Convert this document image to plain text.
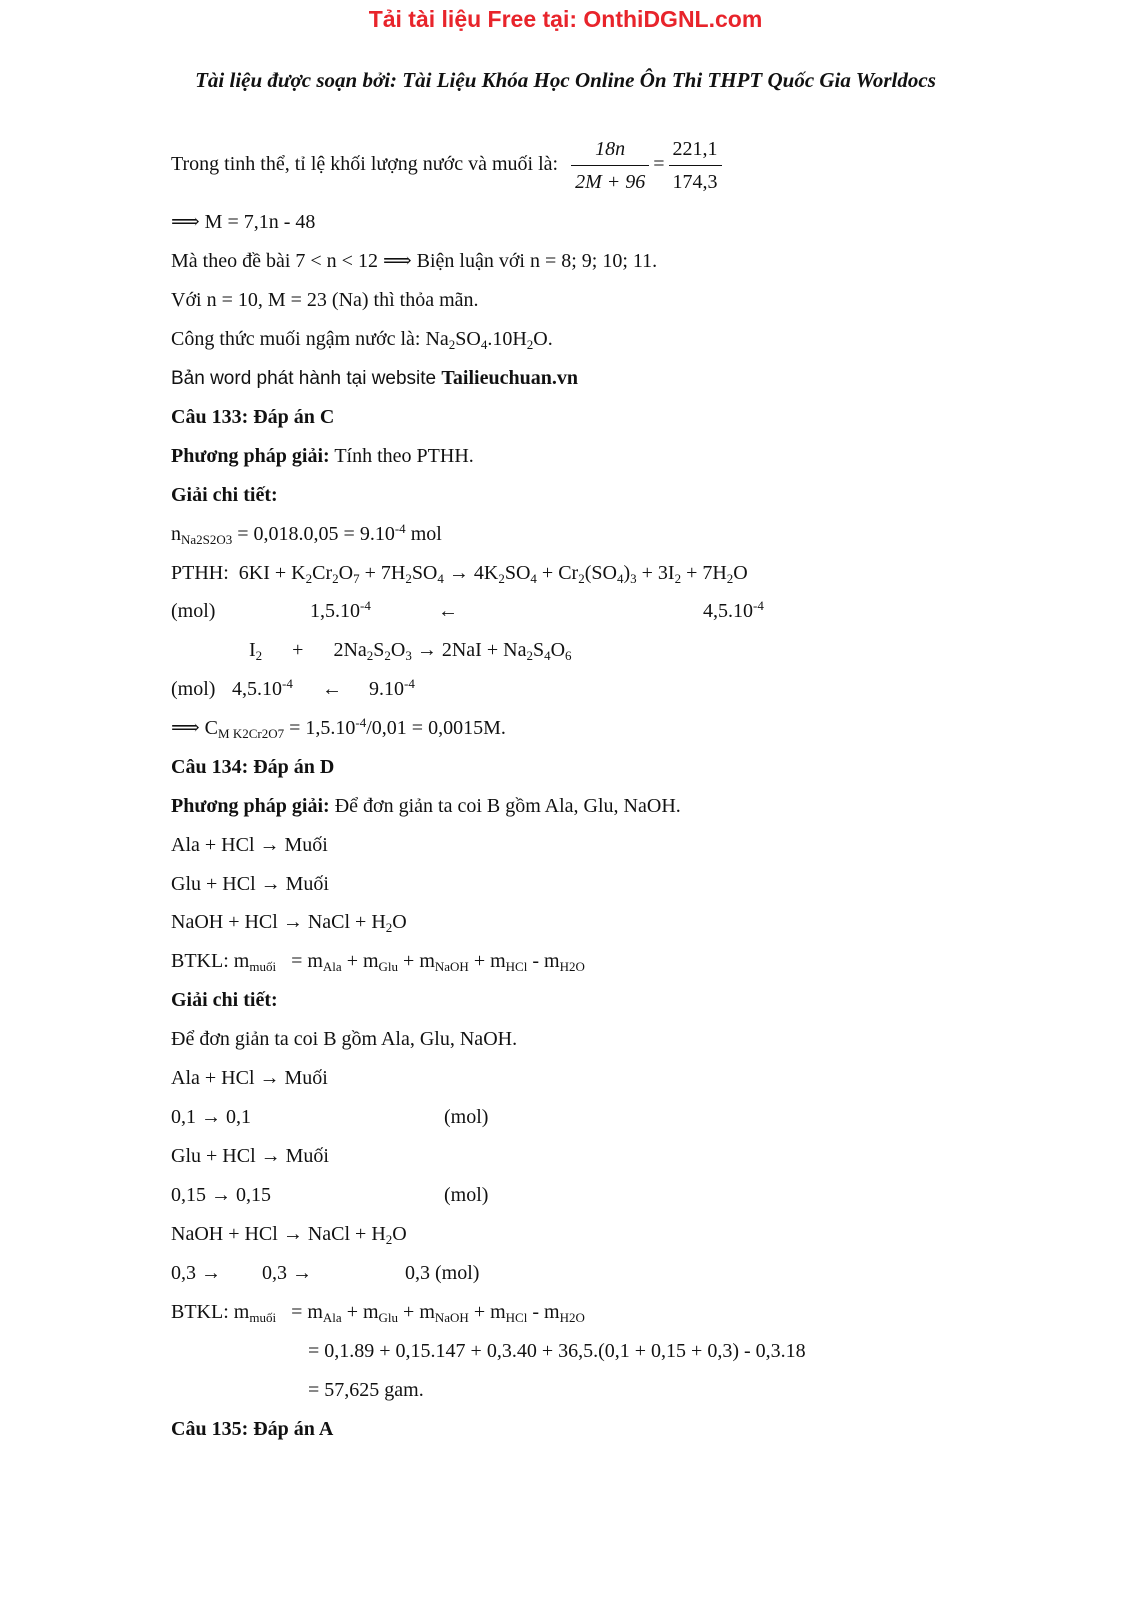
Tải tài liệu Free tại: OnthiDGNL.com
Tài liệu được soạn bởi: Tài Liệu Khóa Học Online Ôn Thi THPT Quốc Gia Worldocs
Trong tinh thể, tỉ lệ khối lượng nước và muối là: $\frac{18n}{2M + 96} = \frac{221,1}{174,3}$
⟹ M = 7,1n - 48
Mà theo đề bài 7 < n < 12 ⟹ Biện luận với n = 8; 9; 10; 11.
Với n = 10, M = 23 (Na) thì thỏa mãn.
Công thức muối ngậm nước là: $Na_2SO_4.10H_2O$.
Bản word phát hành tại website Tailieuchuan.vn
Câu 133: Đáp án C
Phương pháp giải: Tính theo PTHH.
Giải chi tiết:
$n_{Na2S2O3} = 0,018.0,05 = 9.10^{-4}$ mol
PTHH:  $6KI + K_2Cr_2O_7 + 7H_2SO_4 \to 4K_2SO_4 + Cr_2(SO_4)_3 + 3I_2 + 7H_2O$
(mol)	$1,5.10^{-4}$	←	$4,5.10^{-4}$
$I_2$      +      $2Na_2S_2O_3 \to 2NaI + Na_2S_4O_6$
(mol) $4,5.10^{-4}$ ← $9.10^{-4}$
⟹ $C_{M K2Cr2O7} = 1,5.10^{-4}/0,01 = 0,0015M$.
Câu 134: Đáp án D
Phương pháp giải: Để đơn giản ta coi B gồm Ala, Glu, NaOH.
Ala + HCl → Muối
Glu + HCl → Muối
NaOH + HCl → NaCl + $H_2O$
BTKL: $m_{muối} = m_{Ala} + m_{Glu} + m_{NaOH} + m_{HCl} - m_{H2O}$
Giải chi tiết:
Để đơn giản ta coi B gồm Ala, Glu, NaOH.
Ala + HCl → Muối
0,1 → 0,1	(mol)
Glu + HCl → Muối
0,15 → 0,15	(mol)
NaOH + HCl → NaCl + $H_2O$
0,3 → 0,3 →	0,3 (mol)
BTKL: $m_{muối} = m_{Ala} + m_{Glu} + m_{NaOH} + m_{HCl} - m_{H2O}$
= 0,1.89 + 0,15.147 + 0,3.40 + 36,5.(0,1 + 0,15 + 0,3) - 0,3.18
= 57,625 gam.
Câu 135: Đáp án A
